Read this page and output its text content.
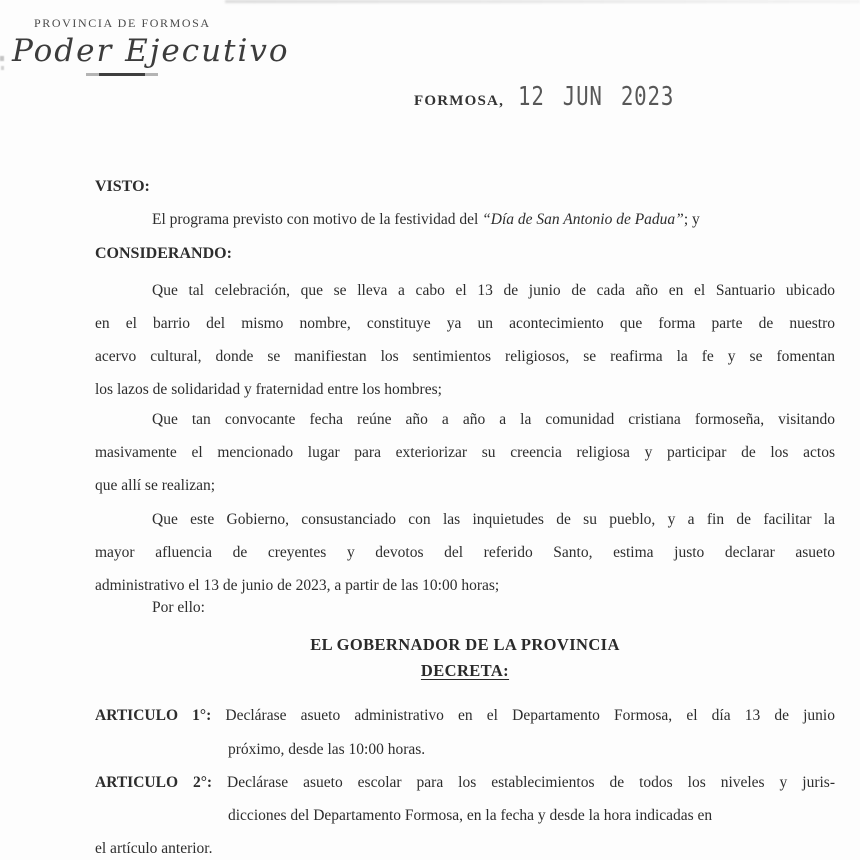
PROVINCIA DE FORMOSA
Poder Ejecutivo
FORMOSA, 12 JUN 2023
VISTO:
El programa previsto con motivo de la festividad del “Día de San Antonio de Padua”; y
CONSIDERANDO:
Que tal celebración, que se lleva a cabo el 13 de junio de cada año en el Santuario ubicado
en el barrio del mismo nombre, constituye ya un acontecimiento que forma parte de nuestro
acervo cultural, donde se manifiestan los sentimientos religiosos, se reafirma la fe y se fomentan
los lazos de solidaridad y fraternidad entre los hombres;
Que tan convocante fecha reúne año a año a la comunidad cristiana formoseña, visitando
masivamente el mencionado lugar para exteriorizar su creencia religiosa y participar de los actos
que allí se realizan;
Que este Gobierno, consustanciado con las inquietudes de su pueblo, y a fin de facilitar la
mayor afluencia de creyentes y devotos del referido Santo, estima justo declarar asueto
administrativo el 13 de junio de 2023, a partir de las 10:00 horas;
Por ello:
EL GOBERNADOR DE LA PROVINCIA
DECRETA:
ARTICULO 1°: Declárase asueto administrativo en el Departamento Formosa, el día 13 de junio
próximo, desde las 10:00 horas.
ARTICULO 2°: Declárase asueto escolar para los establecimientos de todos los niveles y juris-
dicciones del Departamento Formosa, en la fecha y desde la hora indicadas en
el artículo anterior.
